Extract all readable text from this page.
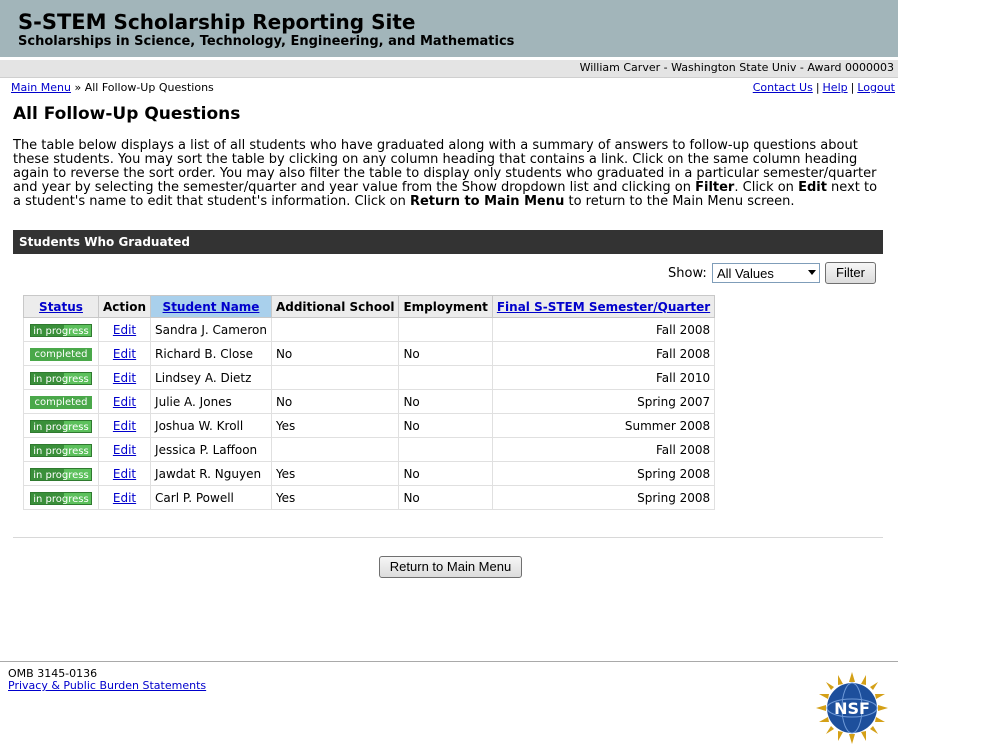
S-STEM Scholarship Reporting Site
Scholarships in Science, Technology, Engineering, and Mathematics
William Carver - Washington State Univ - Award 0000003
Main Menu » All Follow-Up Questions	Contact Us | Help | Logout
All Follow-Up Questions

The table below displays a list of all students who have graduated along with a summary of answers to follow-up questions about these students. You may sort the table by clicking on any column heading that contains a link. Click on the same column heading again to reverse the sort order. You may also filter the table to display only students who graduated in a particular semester/quarter and year by selecting the semester/quarter and year value from the Show dropdown list and clicking on Filter. Click on Edit next to a student's name to edit that student's information. Click on Return to Main Menu to return to the Main Menu screen.

Students Who Graduated
Show: All Values	Filter
Status	Action	Student Name	Additional School	Employment	Final S-STEM Semester/Quarter
in progress	Edit	Sandra J. Cameron			Fall 2008
completed	Edit	Richard B. Close	No	No	Fall 2008
in progress	Edit	Lindsey A. Dietz			Fall 2010
completed	Edit	Julie A. Jones	No	No	Spring 2007
in progress	Edit	Joshua W. Kroll	Yes	No	Summer 2008
in progress	Edit	Jessica P. Laffoon			Fall 2008
in progress	Edit	Jawdat R. Nguyen	Yes	No	Spring 2008
in progress	Edit	Carl P. Powell	Yes	No	Spring 2008
Return to Main Menu
OMB 3145-0136
Privacy & Public Burden Statements
NSF
